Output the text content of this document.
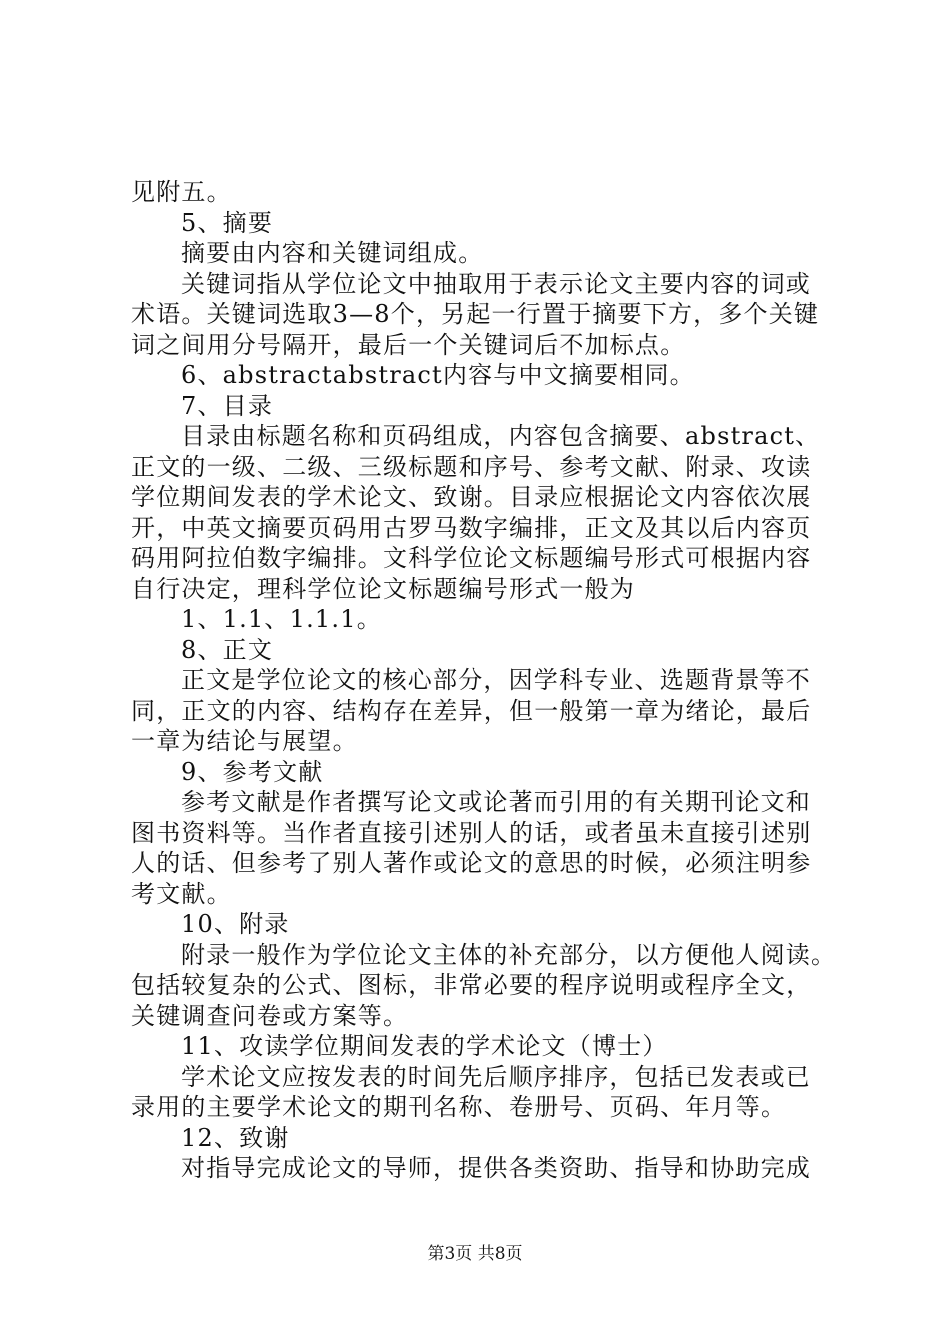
见附五。
5、摘要
摘要由内容和关键词组成。
关键词指从学位论文中抽取用于表示论文主要内容的词或
术语。关键词选取3—8个，另起一行置于摘要下方，多个关键
词之间用分号隔开，最后一个关键词后不加标点。
6、abstractabstract内容与中文摘要相同。
7、目录
目录由标题名称和页码组成，内容包含摘要、abstract、
正文的一级、二级、三级标题和序号、参考文献、附录、攻读
学位期间发表的学术论文、致谢。目录应根据论文内容依次展
开，中英文摘要页码用古罗马数字编排，正文及其以后内容页
码用阿拉伯数字编排。文科学位论文标题编号形式可根据内容
自行决定，理科学位论文标题编号形式一般为
1、1.1、1.1.1。
8、正文
正文是学位论文的核心部分，因学科专业、选题背景等不
同，正文的内容、结构存在差异，但一般第一章为绪论，最后
一章为结论与展望。
9、参考文献
参考文献是作者撰写论文或论著而引用的有关期刊论文和
图书资料等。当作者直接引述别人的话，或者虽未直接引述别
人的话、但参考了别人著作或论文的意思的时候，必须注明参
考文献。
10、附录
附录一般作为学位论文主体的补充部分，以方便他人阅读。
包括较复杂的公式、图标，非常必要的程序说明或程序全文，
关键调查问卷或方案等。
11、攻读学位期间发表的学术论文（博士）
学术论文应按发表的时间先后顺序排序，包括已发表或已
录用的主要学术论文的期刊名称、卷册号、页码、年月等。
12、致谢
对指导完成论文的导师，提供各类资助、指导和协助完成
第3页 共8页
